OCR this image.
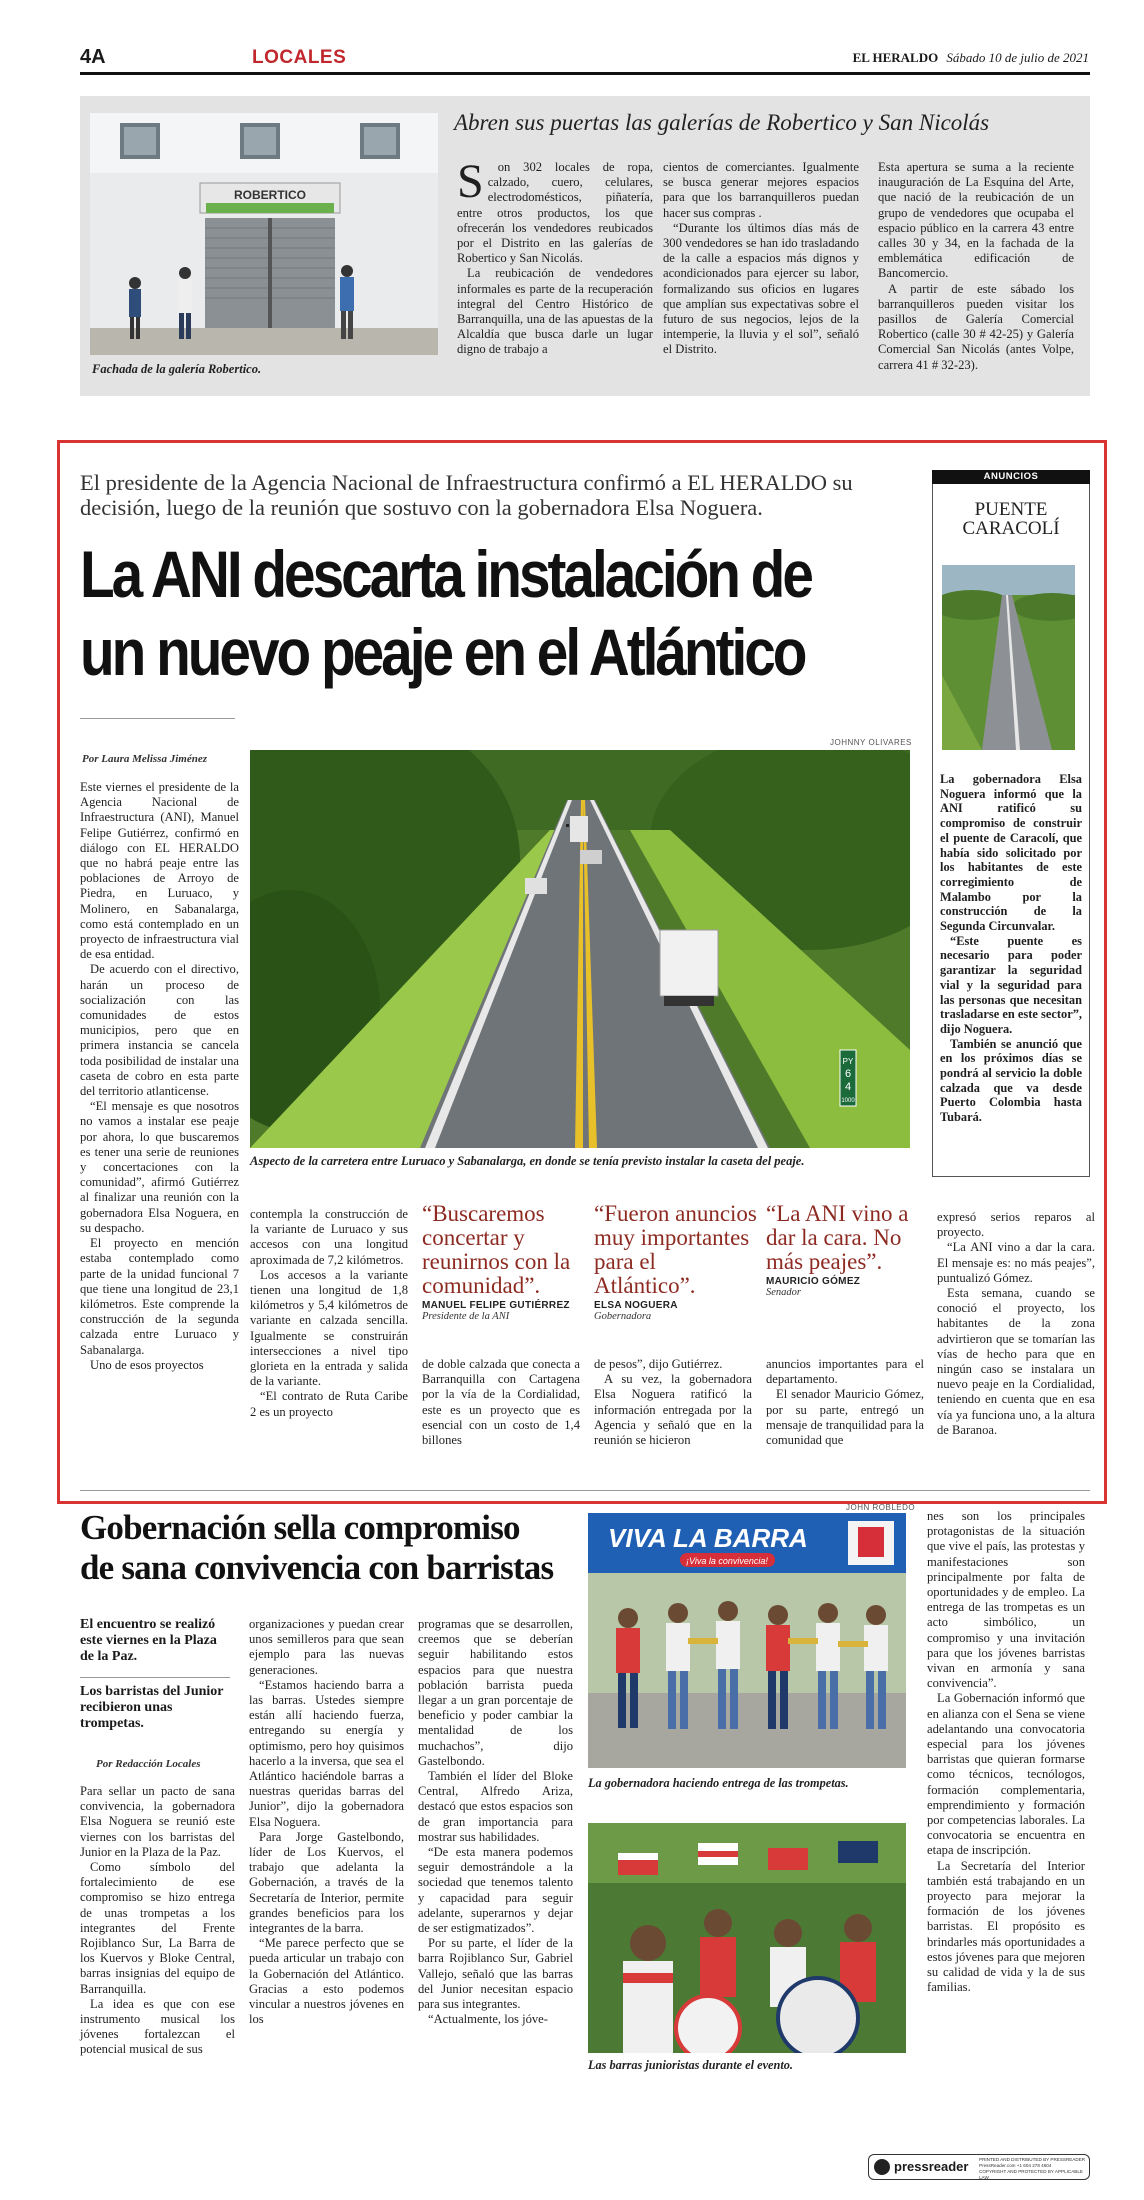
4A	LOCALES	EL HERALDO Sábado 10 de julio de 2021
ROBERTICO
Fachada de la galería Robertico.
Abren sus puertas las galerías de Robertico y San Nicolás
S	on 302 locales de ropa, calzado, cuero, celulares, electrodomésticos, piñatería, entre otros productos, los que ofrecerán los vendedores reubicados por el Distrito en las galerías de Robertico y San Nicolás.

La reubicación de vendedores informales es parte de la recuperación integral del Centro Histórico de Barranquilla, una de las apuestas de la Alcaldía que busca darle un lugar digno de trabajo a

cientos de comerciantes. Igualmente se busca generar mejores espacios para que los barranquilleros puedan hacer sus compras .

“Durante los últimos días más de 300 vendedores se han ido trasladando de la calle a espacios más dignos y acondicionados para ejercer su labor, formalizando sus oficios en lugares que amplían sus expectativas sobre el futuro de sus negocios, lejos de la intemperie, la lluvia y el sol”, señaló el Distrito.

Esta apertura se suma a la reciente inauguración de La Esquina del Arte, que nació de la reubicación de un grupo de vendedores que ocupaba el espacio público en la carrera 43 entre calles 30 y 34, en la fachada de la emblemática edificación de Bancomercio.

A partir de este sábado los barranquilleros pueden visitar los pasillos de Galería Comercial Robertico (calle 30 # 42-25) y Galería Comercial San Nicolás (antes Volpe, carrera 41 # 32-23).

El presidente de la Agencia Nacional de Infraestructura confirmó a EL HERALDO su decisión, luego de la reunión que sostuvo con la gobernadora Elsa Noguera.
La ANI descarta instalación de
un nuevo peaje en el Atlántico
JOHNNY OLIVARES
PY
6
4
1000
Aspecto de la carretera entre Luruaco y Sabanalarga, en donde se tenía previsto instalar la caseta del peaje.
Por Laura Melissa Jiménez

Este viernes el presidente de la Agencia Nacional de Infraestructura (ANI), Manuel Felipe Gutiérrez, confirmó en diálogo con EL HERALDO que no habrá peaje entre las poblaciones de Arroyo de Piedra, en Luruaco, y Molinero, en Sabanalarga, como está contemplado en un proyecto de infraestructura vial de esa entidad.

De acuerdo con el directivo, harán un proceso de socialización con las comunidades de estos municipios, pero que en primera instancia se cancela toda posibilidad de instalar una caseta de cobro en esta parte del territorio atlanticense.

“El mensaje es que nosotros no vamos a instalar ese peaje por ahora, lo que buscaremos es tener una serie de reuniones y concertaciones con la comunidad”, afirmó Gutiérrez al finalizar una reunión con la gobernadora Elsa Noguera, en su despacho.

El proyecto en mención estaba contemplado como parte de la unidad funcional 7 que tiene una longitud de 23,1 kilómetros. Este comprende la construcción de la segunda calzada entre Luruaco y Sabanalarga.

Uno de esos proyectos

contempla la construcción de la variante de Luruaco y sus accesos con una longitud aproximada de 7,2 kilómetros.

Los accesos a la variante tienen una longitud de 1,8 kilómetros y 5,4 kilómetros de variante en calzada sencilla. Igualmente se construirán intersecciones a nivel tipo glorieta en la entrada y salida de la variante.

“El contrato de Ruta Caribe 2 es un proyecto

“Buscaremos concertar y reunirnos con la comunidad”.
MANUEL FELIPE GUTIÉRREZ
Presidente de la ANI
“Fueron anuncios muy importantes para el Atlántico”.
ELSA NOGUERA
Gobernadora
“La ANI vino a dar la cara. No más peajes”.
MAURICIO GÓMEZ
Senador

de doble calzada que conecta a Barranquilla con Cartagena por la vía de la Cordialidad, este es un proyecto que es esencial con un costo de 1,4 billones

de pesos”, dijo Gutiérrez.

A su vez, la gobernadora Elsa Noguera ratificó la información entregada por la Agencia y señaló que en la reunión se hicieron

anuncios importantes para el departamento.

El senador Mauricio Gómez, por su parte, entregó un mensaje de tranquilidad para la comunidad que

expresó serios reparos al proyecto.

“La ANI vino a dar la cara. El mensaje es: no más peajes”, puntualizó Gómez.

Esta semana, cuando se conoció el proyecto, los habitantes de la zona advirtieron que se tomarían las vías de hecho para que en ningún caso se instalara un nuevo peaje en la Cordialidad, teniendo en cuenta que en esa vía ya funciona uno, a la altura de Baranoa.

ANUNCIOS
PUENTE
CARACOLÍ

La gobernadora Elsa Noguera informó que la ANI ratificó su compromiso de construir el puente de Caracolí, que había sido solicitado por los habitantes de este corregimiento de Malambo por la construcción de la Segunda Circunvalar.

“Este puente es necesario para poder garantizar la seguridad vial y la seguridad para las personas que necesitan trasladarse en este sector”, dijo Noguera.

También se anunció que en los próximos días se pondrá al servicio la doble calzada que va desde Puerto Colombia hasta Tubará.

Gobernación sella compromiso
de sana convivencia con barristas
El encuentro se realizó este viernes en la Plaza de la Paz.
Los barristas del Junior recibieron unas trompetas.
Por Redacción Locales

Para sellar un pacto de sana convivencia, la gobernadora Elsa Noguera se reunió este viernes con los barristas del Junior en la Plaza de la Paz.

Como símbolo del fortalecimiento de ese compromiso se hizo entrega de unas trompetas a los integrantes del Frente Rojiblanco Sur, La Barra de los Kuervos y Bloke Central, barras insignias del equipo de Barranquilla.

La idea es que con ese instrumento musical los jóvenes fortalezcan el potencial musical de sus

organizaciones y puedan crear unos semilleros para que sean ejemplo para las nuevas generaciones.

“Estamos haciendo barra a las barras. Ustedes siempre están allí haciendo fuerza, entregando su energía y optimismo, pero hoy quisimos hacerlo a la inversa, que sea el Atlántico haciéndole barras a nuestras queridas barras del Junior”, dijo la gobernadora Elsa Noguera.

Para Jorge Gastelbondo, líder de Los Kuervos, el trabajo que adelanta la Gobernación, a través de la Secretaría de Interior, permite grandes beneficios para los integrantes de la barra.

“Me parece perfecto que se pueda articular un trabajo con la Gobernación del Atlántico. Gracias a esto podemos vincular a nuestros jóvenes en los

programas que se desarrollen, creemos que se deberían seguir habilitando estos espacios para que nuestra población barrista pueda llegar a un gran porcentaje de beneficio y poder cambiar la mentalidad de los muchachos”, dijo Gastelbondo.

También el líder del Bloke Central, Alfredo Ariza, destacó que estos espacios son de gran importancia para mostrar sus habilidades.

“De esta manera podemos seguir demostrándole a la sociedad que tenemos talento y capacidad para seguir adelante, superarnos y dejar de ser estigmatizados”.

Por su parte, el líder de la barra Rojiblanco Sur, Gabriel Vallejo, señaló que las barras del Junior necesitan espacio para sus integrantes.

“Actualmente, los jóve-

JOHN ROBLEDO
VIVA LA BARRA
¡Viva la convivencia!
La gobernadora haciendo entrega de las trompetas.
Las barras junioristas durante el evento.

nes son los principales protagonistas de la situación que vive el país, las protestas y manifestaciones son principalmente por falta de oportunidades y de empleo. La entrega de las trompetas es un acto simbólico, un compromiso y una invitación para que los jóvenes barristas vivan en armonía y sana convivencia”.

La Gobernación informó que en alianza con el Sena se viene adelantando una convocatoria especial para los jóvenes barristas que quieran formarse como técnicos, tecnólogos, formación complementaria, emprendimiento y formación por competencias laborales. La convocatoria se encuentra en etapa de inscripción.

La Secretaría del Interior también está trabajando en un proyecto para mejorar la formación de los jóvenes barristas. El propósito es brindarles más oportunidades a estos jóvenes para que mejoren su calidad de vida y la de sus familias.

pressreader PRINTED AND DISTRIBUTED BY PRESSREADER
PressReader.com +1 604 278 4604
COPYRIGHT AND PROTECTED BY APPLICABLE LAW
